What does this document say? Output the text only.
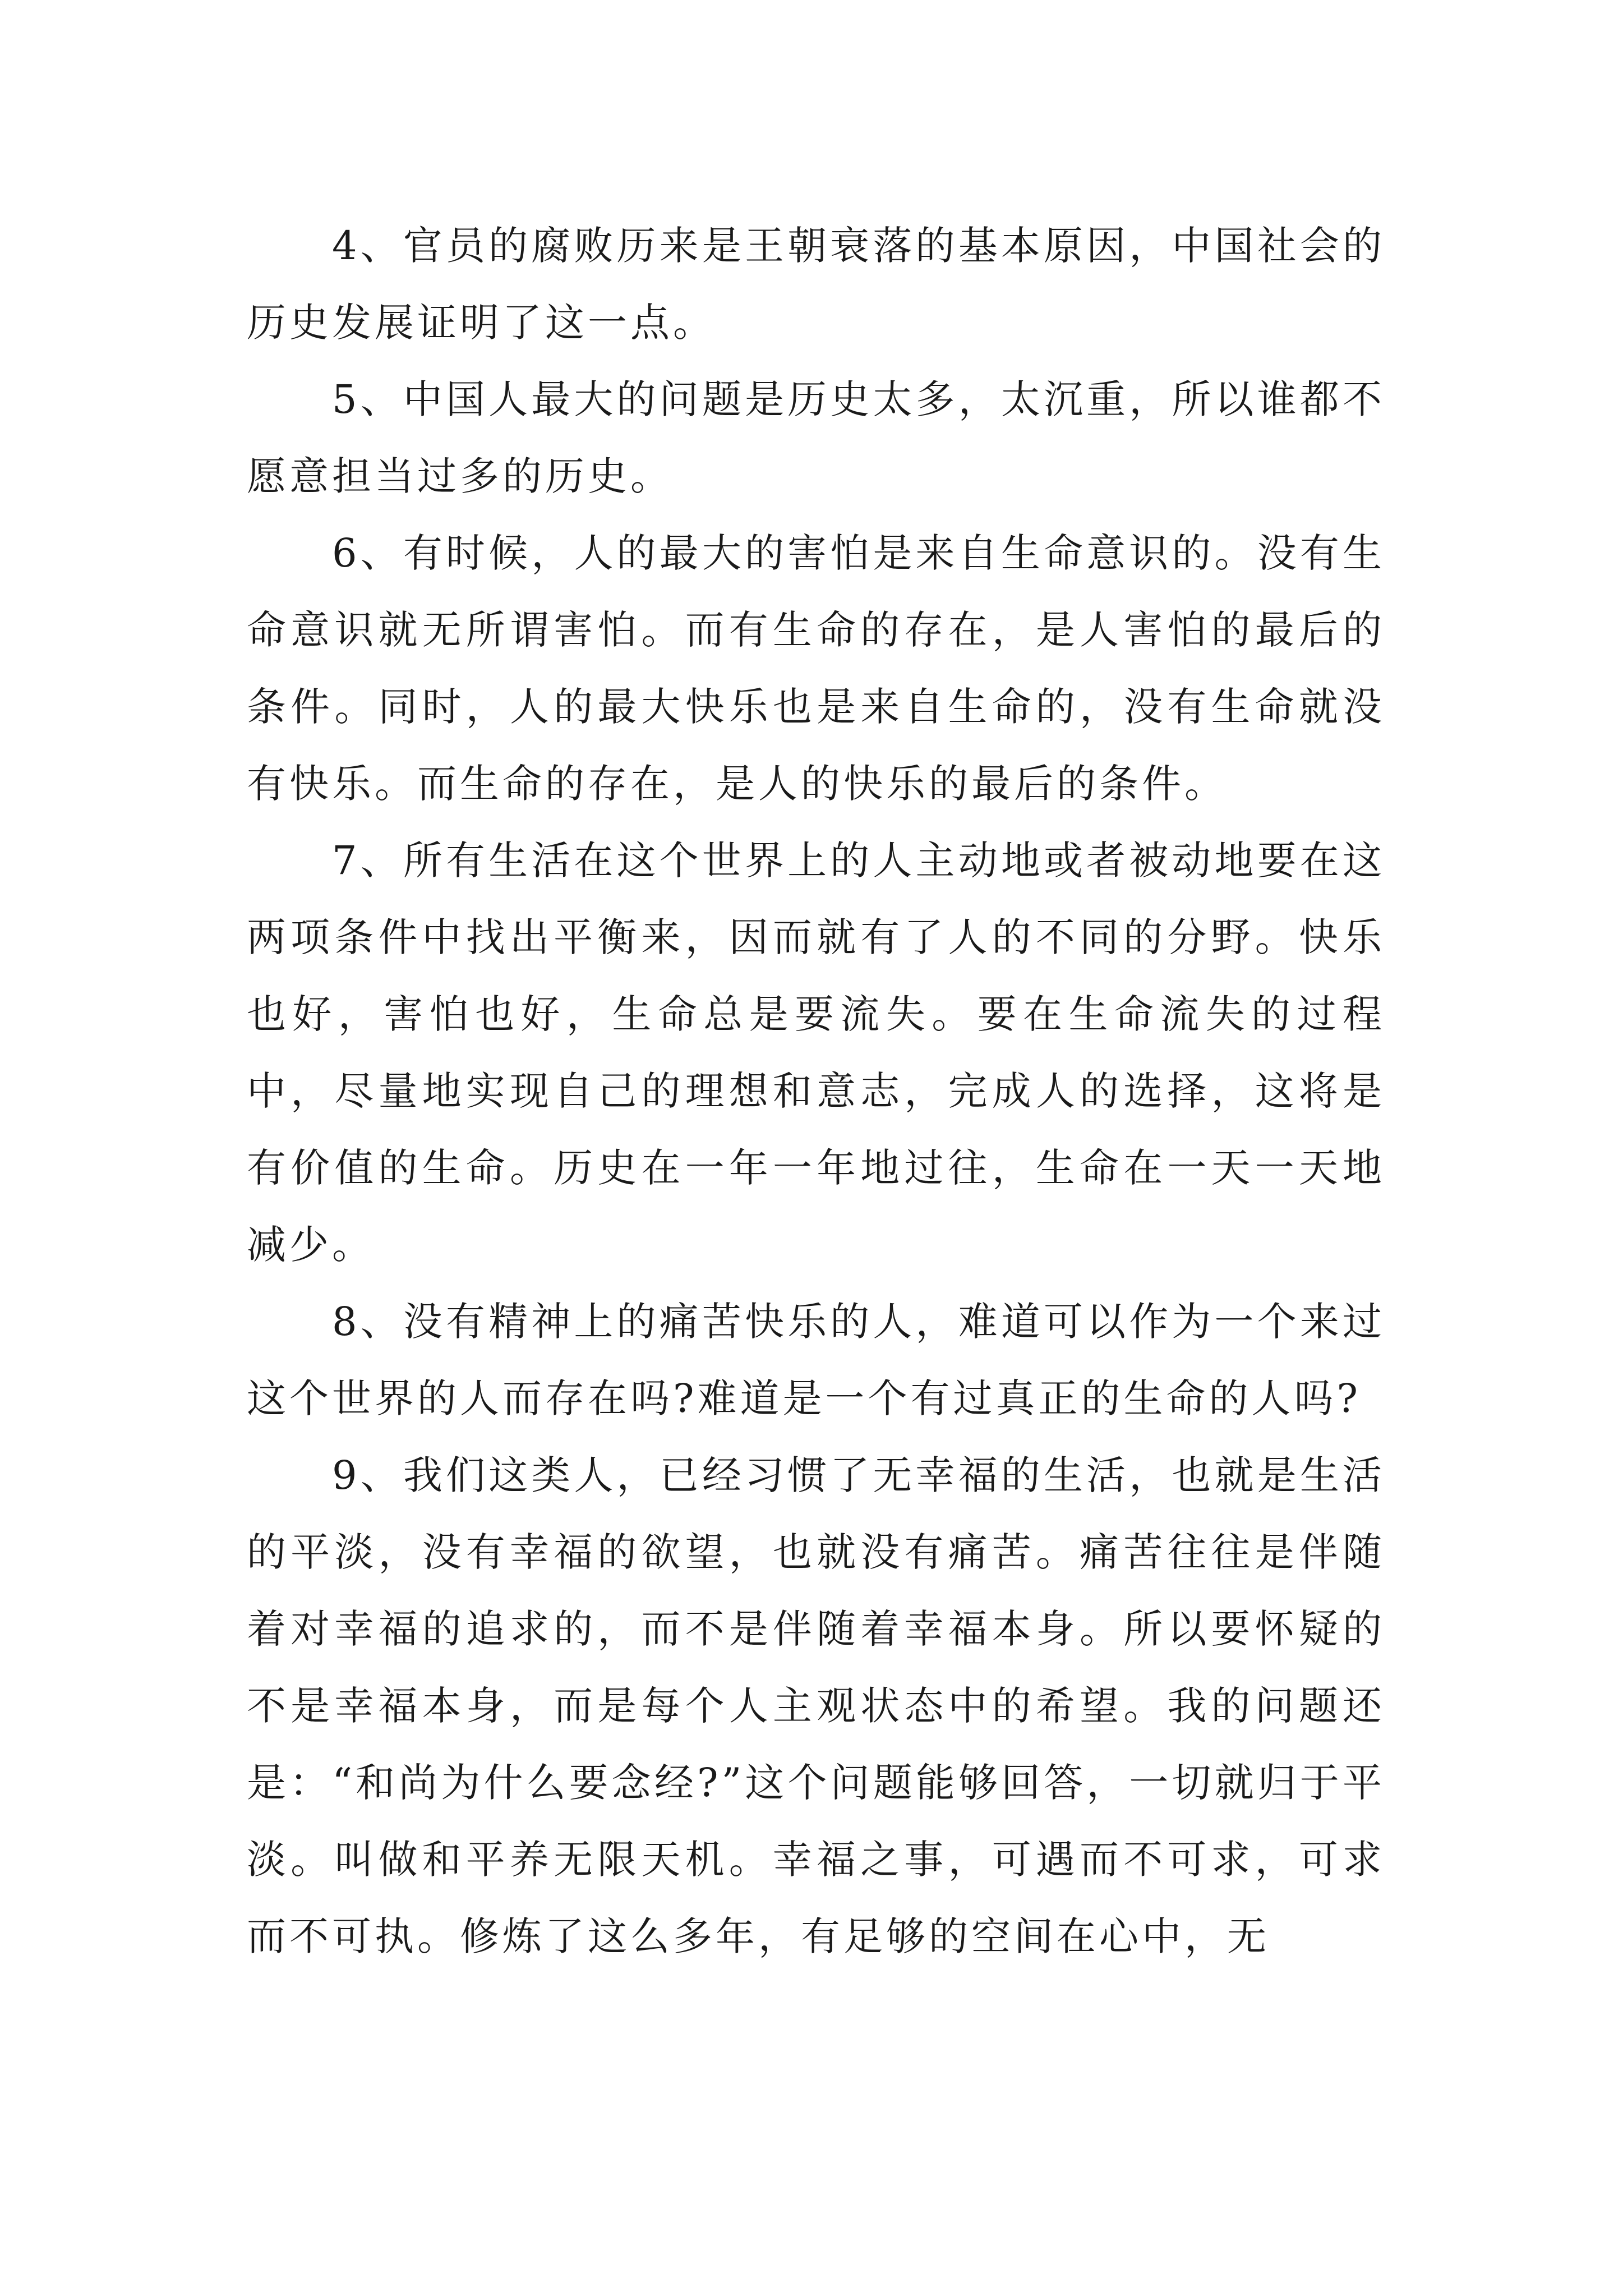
4、官员的腐败历来是王朝衰落的基本原因，中国社会的历史发展证明了这一点。

5、中国人最大的问题是历史太多，太沉重，所以谁都不愿意担当过多的历史。

6、有时候，人的最大的害怕是来自生命意识的。没有生命意识就无所谓害怕。而有生命的存在，是人害怕的最后的条件。同时，人的最大快乐也是来自生命的，没有生命就没有快乐。而生命的存在，是人的快乐的最后的条件。

7、所有生活在这个世界上的人主动地或者被动地要在这两项条件中找出平衡来，因而就有了人的不同的分野。快乐也好，害怕也好，生命总是要流失。要在生命流失的过程中，尽量地实现自己的理想和意志，完成人的选择，这将是有价值的生命。历史在一年一年地过往，生命在一天一天地减少。

8、没有精神上的痛苦快乐的人，难道可以作为一个来过这个世界的人而存在吗?难道是一个有过真正的生命的人吗?

9、我们这类人，已经习惯了无幸福的生活，也就是生活的平淡，没有幸福的欲望，也就没有痛苦。痛苦往往是伴随着对幸福的追求的，而不是伴随着幸福本身。所以要怀疑的不是幸福本身，而是每个人主观状态中的希望。我的问题还是：“和尚为什么要念经?”这个问题能够回答，一切就归于平淡。叫做和平养无限天机。幸福之事，可遇而不可求，可求而不可执。修炼了这么多年，有足够的空间在心中，无
